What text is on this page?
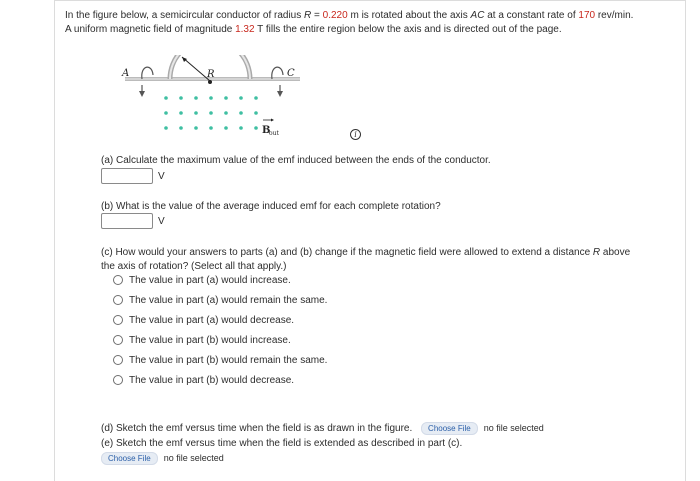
In the figure below, a semicircular conductor of radius R = 0.220 m is rotated about the axis AC at a constant rate of 170 rev/min.
A uniform magnetic field of magnitude 1.32 T fills the entire region below the axis and is directed out of the page.
A	C
R
B
out	i
(a) Calculate the maximum value of the emf induced between the ends of the conductor.
V
(b) What is the value of the average induced emf for each complete rotation?
V
(c) How would your answers to parts (a) and (b) change if the magnetic field were allowed to extend a distance R above
the axis of rotation? (Select all that apply.)
The value in part (a) would increase.
The value in part (a) would remain the same.
The value in part (a) would decrease.
The value in part (b) would increase.
The value in part (b) would remain the same.
The value in part (b) would decrease.
(d) Sketch the emf versus time when the field is as drawn in the figure. Choose File no file selected
(e) Sketch the emf versus time when the field is extended as described in part (c).
Choose File no file selected
